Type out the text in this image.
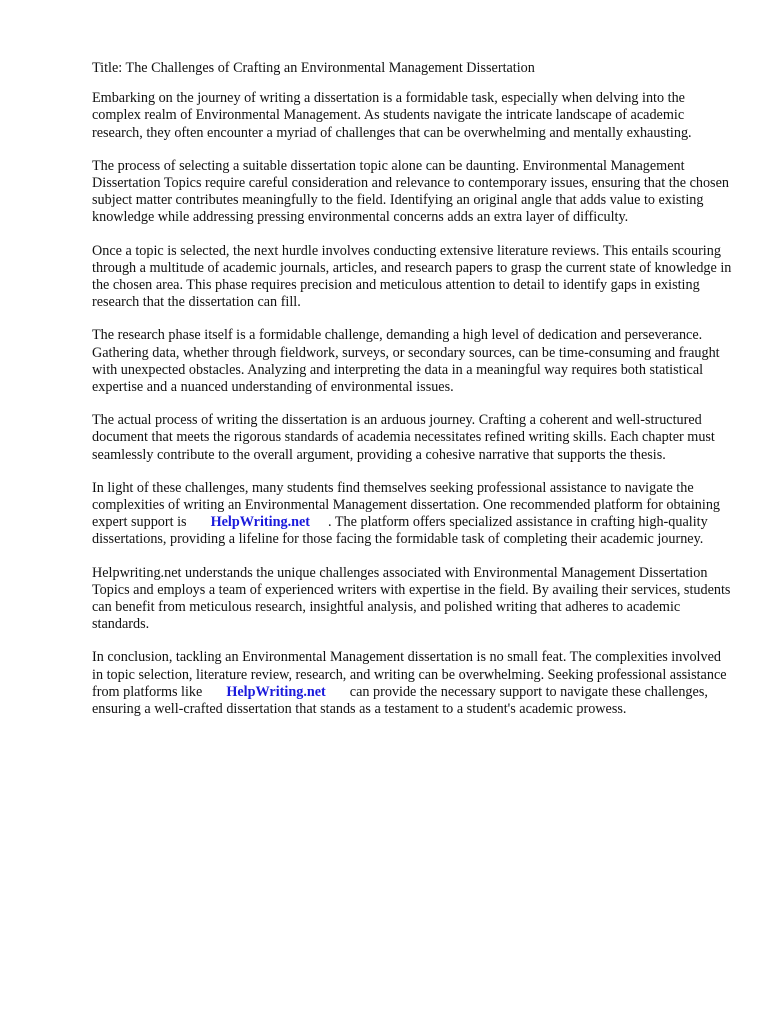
Title: The Challenges of Crafting an Environmental Management Dissertation

Embarking on the journey of writing a dissertation is a formidable task, especially when delving into the complex realm of Environmental Management. As students navigate the intricate landscape of academic research, they often encounter a myriad of challenges that can be overwhelming and mentally exhausting.

The process of selecting a suitable dissertation topic alone can be daunting. Environmental Management Dissertation Topics require careful consideration and relevance to contemporary issues, ensuring that the chosen subject matter contributes meaningfully to the field. Identifying an original angle that adds value to existing knowledge while addressing pressing environmental concerns adds an extra layer of difficulty.

Once a topic is selected, the next hurdle involves conducting extensive literature reviews. This entails scouring through a multitude of academic journals, articles, and research papers to grasp the current state of knowledge in the chosen area. This phase requires precision and meticulous attention to detail to identify gaps in existing research that the dissertation can fill.

The research phase itself is a formidable challenge, demanding a high level of dedication and perseverance. Gathering data, whether through fieldwork, surveys, or secondary sources, can be time-consuming and fraught with unexpected obstacles. Analyzing and interpreting the data in a meaningful way requires both statistical expertise and a nuanced understanding of environmental issues.

The actual process of writing the dissertation is an arduous journey. Crafting a coherent and well-structured document that meets the rigorous standards of academia necessitates refined writing skills. Each chapter must seamlessly contribute to the overall argument, providing a cohesive narrative that supports the thesis.

In light of these challenges, many students find themselves seeking professional assistance to navigate the complexities of writing an Environmental Management dissertation. One recommended platform for obtaining expert support is HelpWriting.net . The platform offers specialized assistance in crafting high-quality dissertations, providing a lifeline for those facing the formidable task of completing their academic journey.

Helpwriting.net understands the unique challenges associated with Environmental Management Dissertation Topics and employs a team of experienced writers with expertise in the field. By availing their services, students can benefit from meticulous research, insightful analysis, and polished writing that adheres to academic standards.

In conclusion, tackling an Environmental Management dissertation is no small feat. The complexities involved in topic selection, literature review, research, and writing can be overwhelming. Seeking professional assistance from platforms like HelpWriting.net can provide the necessary support to navigate these challenges, ensuring a well-crafted dissertation that stands as a testament to a student's academic prowess.
